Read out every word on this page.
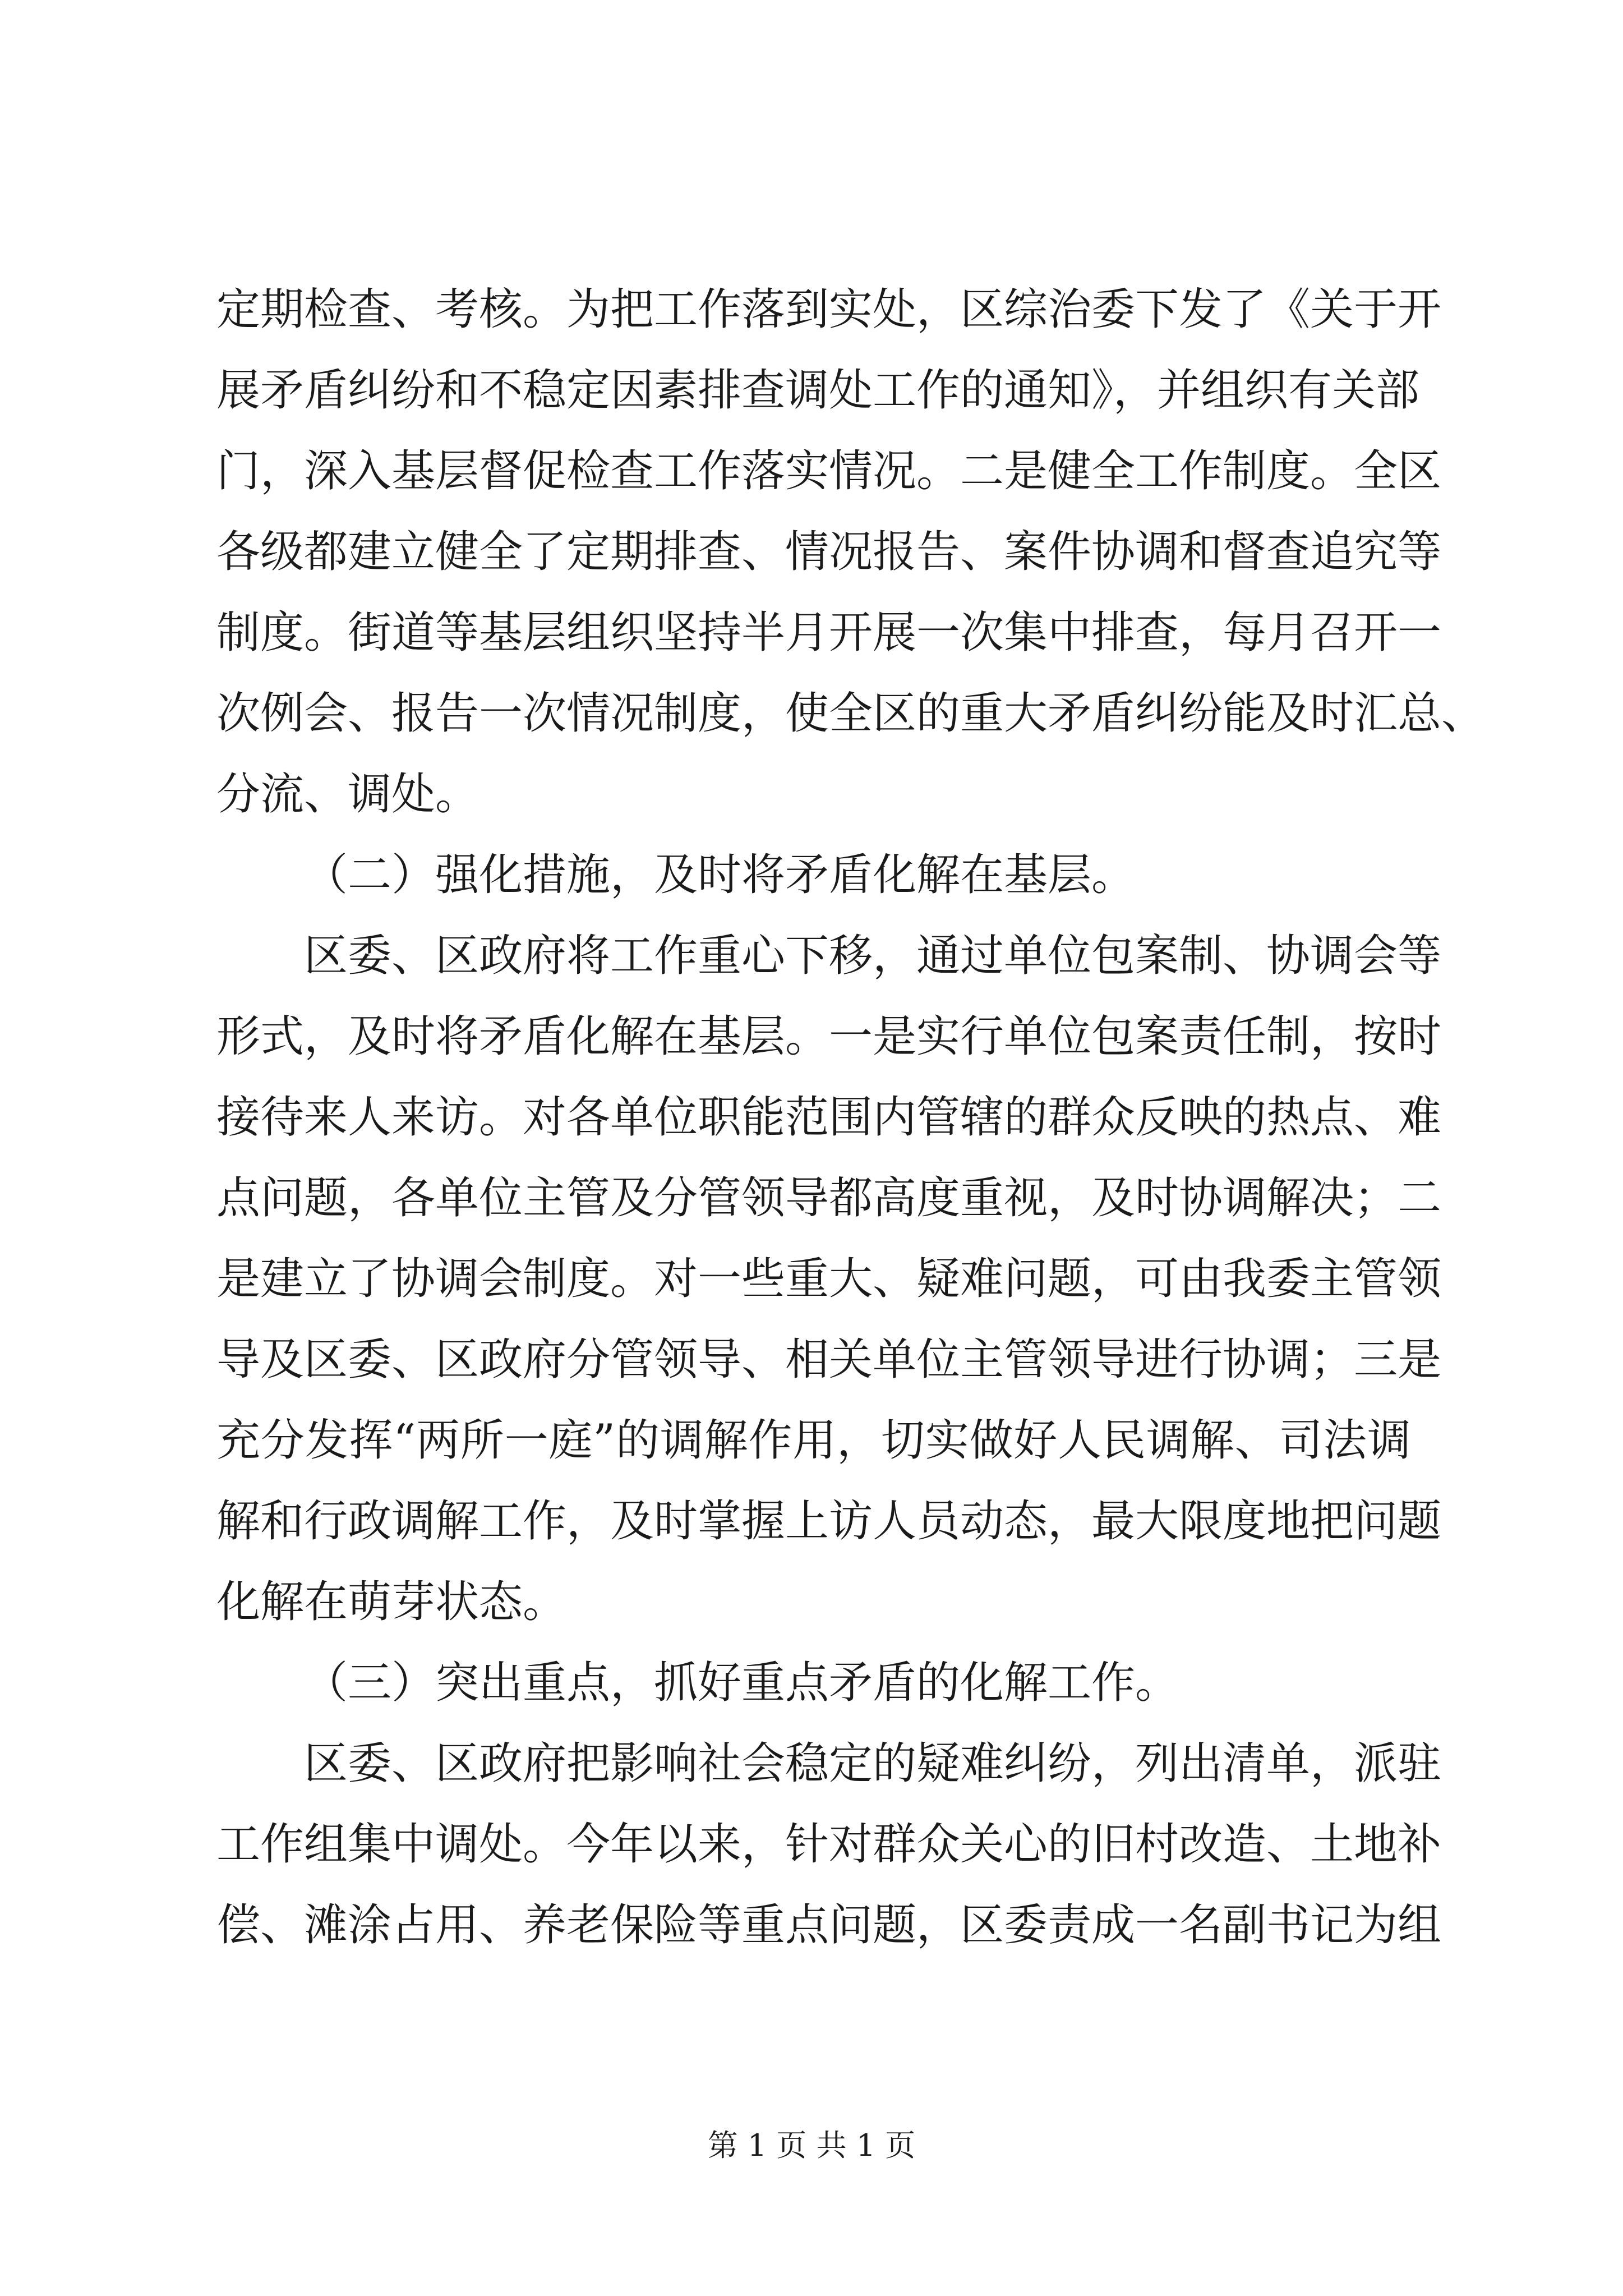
定期检查、考核。为把工作落到实处，区综治委下发了《关于开
展矛盾纠纷和不稳定因素排查调处工作的通知》，并组织有关部
门，深入基层督促检查工作落实情况。二是健全工作制度。全区
各级都建立健全了定期排查、情况报告、案件协调和督查追究等
制度。街道等基层组织坚持半月开展一次集中排查，每月召开一
次例会、报告一次情况制度，使全区的重大矛盾纠纷能及时汇总、
分流、调处。
（二）强化措施，及时将矛盾化解在基层。
区委、区政府将工作重心下移，通过单位包案制、协调会等
形式，及时将矛盾化解在基层。一是实行单位包案责任制，按时
接待来人来访。对各单位职能范围内管辖的群众反映的热点、难
点问题，各单位主管及分管领导都高度重视，及时协调解决；二
是建立了协调会制度。对一些重大、疑难问题，可由我委主管领
导及区委、区政府分管领导、相关单位主管领导进行协调；三是
充分发挥“两所一庭”的调解作用，切实做好人民调解、司法调
解和行政调解工作，及时掌握上访人员动态，最大限度地把问题
化解在萌芽状态。
（三）突出重点，抓好重点矛盾的化解工作。
区委、区政府把影响社会稳定的疑难纠纷，列出清单，派驻
工作组集中调处。今年以来，针对群众关心的旧村改造、土地补
偿、滩涂占用、养老保险等重点问题，区委责成一名副书记为组
第 1 页 共 1 页
